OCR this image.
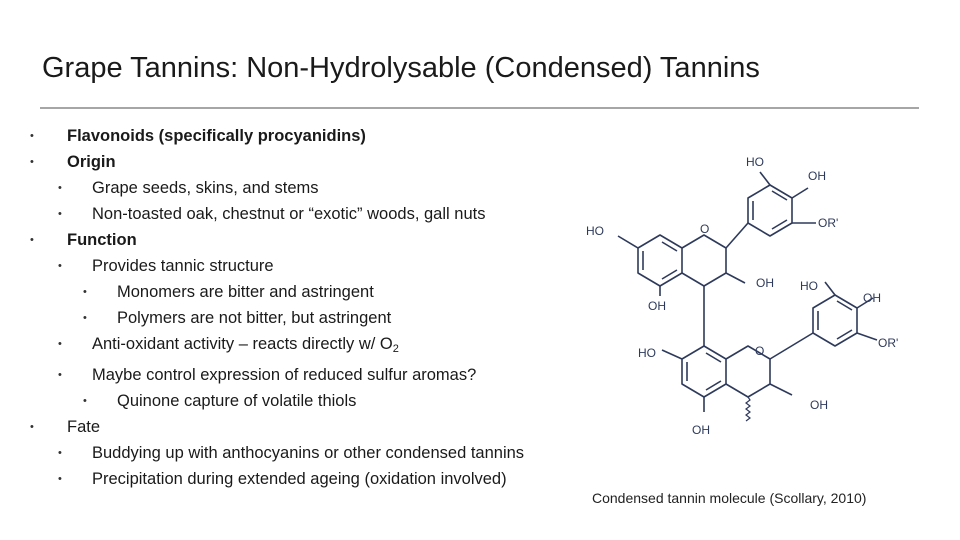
Grape Tannins: Non-Hydrolysable (Condensed) Tannins
• Flavonoids (specifically procyanidins)
• Origin
• Grape seeds, skins, and stems
• Non-toasted oak, chestnut or “exotic” woods, gall nuts
• Function
• Provides tannic structure
• Monomers are bitter and astringent
• Polymers are not bitter, but astringent
• Anti-oxidant activity – reacts directly w/ $O_2$
• Maybe control expression of reduced sulfur aromas?
• Quinone capture of volatile thiols
• Fate
• Buddying up with anthocyanins or other condensed tannins
• Precipitation during extended ageing (oxidation involved)
HO
OH
OR'
O
HO
OH
OH
HO
OH
OR'
O
HO
OH
OH
Condensed tannin molecule (Scollary, 2010)
